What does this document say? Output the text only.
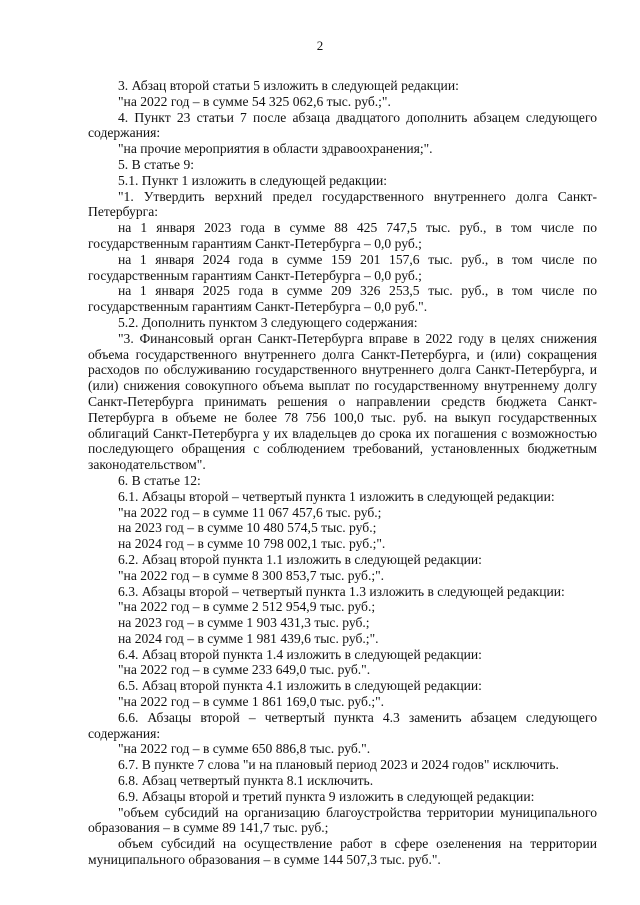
2

3. Абзац второй статьи 5 изложить в следующей редакции:

"на 2022 год – в сумме 54 325 062,6 тыс. руб.;".

4. Пункт 23 статьи 7 после абзаца двадцатого дополнить абзацем следующего содержания:

"на прочие мероприятия в области здравоохранения;".

5. В статье 9:

5.1. Пункт 1 изложить в следующей редакции:

"1. Утвердить верхний предел государственного внутреннего долга Санкт-Петербурга:

на 1 января 2023 года в сумме 88 425 747,5 тыс. руб., в том числе по государственным гарантиям Санкт-Петербурга – 0,0 руб.;

на 1 января 2024 года в сумме 159 201 157,6 тыс. руб., в том числе по государственным гарантиям Санкт-Петербурга – 0,0 руб.;

на 1 января 2025 года в сумме 209 326 253,5 тыс. руб., в том числе по государственным гарантиям Санкт-Петербурга – 0,0 руб.".

5.2. Дополнить пунктом 3 следующего содержания:

"3. Финансовый орган Санкт-Петербурга вправе в 2022 году в целях снижения объема государственного внутреннего долга Санкт-Петербурга, и (или) сокращения расходов по обслуживанию государственного внутреннего долга Санкт-Петербурга, и (или) снижения совокупного объема выплат по государственному внутреннему долгу Санкт-Петербурга принимать решения о направлении средств бюджета Санкт-Петербурга в объеме не более 78 756 100,0 тыс. руб. на выкуп государственных облигаций Санкт-Петербурга у их владельцев до срока их погашения с возможностью последующего обращения с соблюдением требований, установленных бюджетным законодательством".

6. В статье 12:

6.1. Абзацы второй – четвертый пункта 1 изложить в следующей редакции:

"на 2022 год – в сумме 11 067 457,6 тыс. руб.;

на 2023 год – в сумме 10 480 574,5 тыс. руб.;

на 2024 год – в сумме 10 798 002,1 тыс. руб.;".

6.2. Абзац второй пункта 1.1 изложить в следующей редакции:

"на 2022 год – в сумме 8 300 853,7 тыс. руб.;".

6.3. Абзацы второй – четвертый пункта 1.3 изложить в следующей редакции:

"на 2022 год – в сумме 2 512 954,9 тыс. руб.;

на 2023 год – в сумме 1 903 431,3 тыс. руб.;

на 2024 год – в сумме 1 981 439,6 тыс. руб.;".

6.4. Абзац второй пункта 1.4 изложить в следующей редакции:

"на 2022 год – в сумме 233 649,0 тыс. руб.".

6.5. Абзац второй пункта 4.1 изложить в следующей редакции:

"на 2022 год – в сумме 1 861 169,0 тыс. руб.;".

6.6. Абзацы второй – четвертый пункта 4.3 заменить абзацем следующего содержания:

"на 2022 год – в сумме 650 886,8 тыс. руб.".

6.7. В пункте 7 слова "и на плановый период 2023 и 2024 годов" исключить.

6.8. Абзац четвертый пункта 8.1 исключить.

6.9. Абзацы второй и третий пункта 9 изложить в следующей редакции:

"объем субсидий на организацию благоустройства территории муниципального образования – в сумме 89 141,7 тыс. руб.;

объем субсидий на осуществление работ в сфере озеленения на территории муниципального образования – в сумме 144 507,3 тыс. руб.".
